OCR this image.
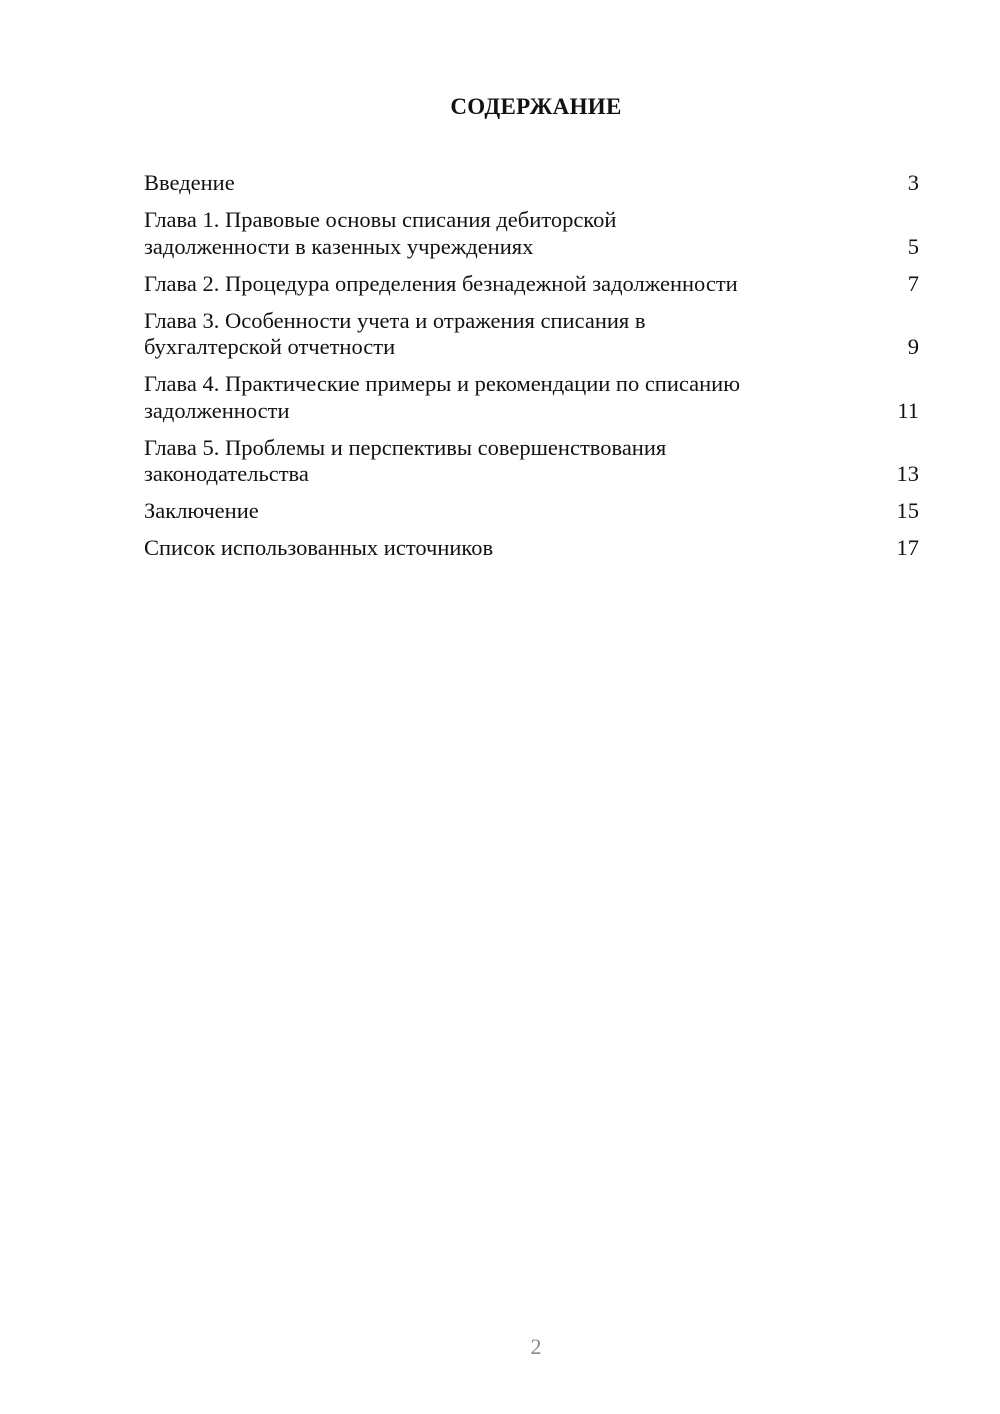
СОДЕРЖАНИЕ
Введение	3
Глава 1. Правовые основы списания дебиторской
задолженности в казенных учреждениях	5
Глава 2. Процедура определения безнадежной задолженности	7
Глава 3. Особенности учета и отражения списания в
бухгалтерской отчетности	9
Глава 4. Практические примеры и рекомендации по списанию
задолженности	11
Глава 5. Проблемы и перспективы совершенствования
законодательства	13
Заключение	15
Список использованных источников	17
2
